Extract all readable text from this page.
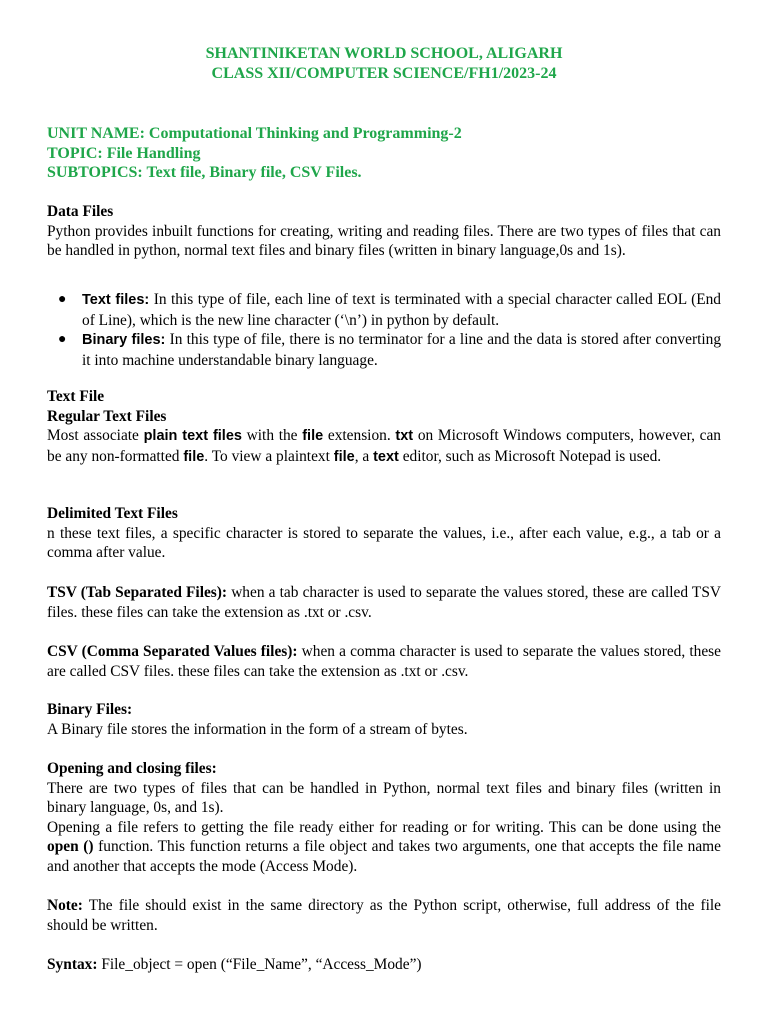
SHANTINIKETAN WORLD SCHOOL, ALIGARH
CLASS XII/COMPUTER SCIENCE/FH1/2023-24
UNIT NAME: Computational Thinking and Programming-2
TOPIC: File Handling
SUBTOPICS: Text file, Binary file, CSV Files.
Data Files
Python provides inbuilt functions for creating, writing and reading files. There are two types of files that can be handled in python, normal text files and binary files (written in binary language,0s and 1s).
● Text files: In this type of file, each line of text is terminated with a special character called EOL (End of Line), which is the new line character (‘\n’) in python by default.
● Binary files: In this type of file, there is no terminator for a line and the data is stored after converting it into machine understandable binary language.
Text File
Regular Text Files
Most associate plain text files with the file extension. txt on Microsoft Windows computers, however, can be any non-formatted file. To view a plaintext file, a text editor, such as Microsoft Notepad is used.
Delimited Text Files
n these text files, a specific character is stored to separate the values, i.e., after each value, e.g., a tab or a comma after value.
TSV (Tab Separated Files): when a tab character is used to separate the values stored, these are called TSV files. these files can take the extension as .txt or .csv.
CSV (Comma Separated Values files): when a comma character is used to separate the values stored, these are called CSV files. these files can take the extension as .txt or .csv.
Binary Files:
A Binary file stores the information in the form of a stream of bytes.
Opening and closing files:
There are two types of files that can be handled in Python, normal text files and binary files (written in binary language, 0s, and 1s).
Opening a file refers to getting the file ready either for reading or for writing. This can be done using the open () function. This function returns a file object and takes two arguments, one that accepts the file name and another that accepts the mode (Access Mode).
Note: The file should exist in the same directory as the Python script, otherwise, full address of the file should be written.
Syntax: File_object = open (“File_Name”, “Access_Mode”)
